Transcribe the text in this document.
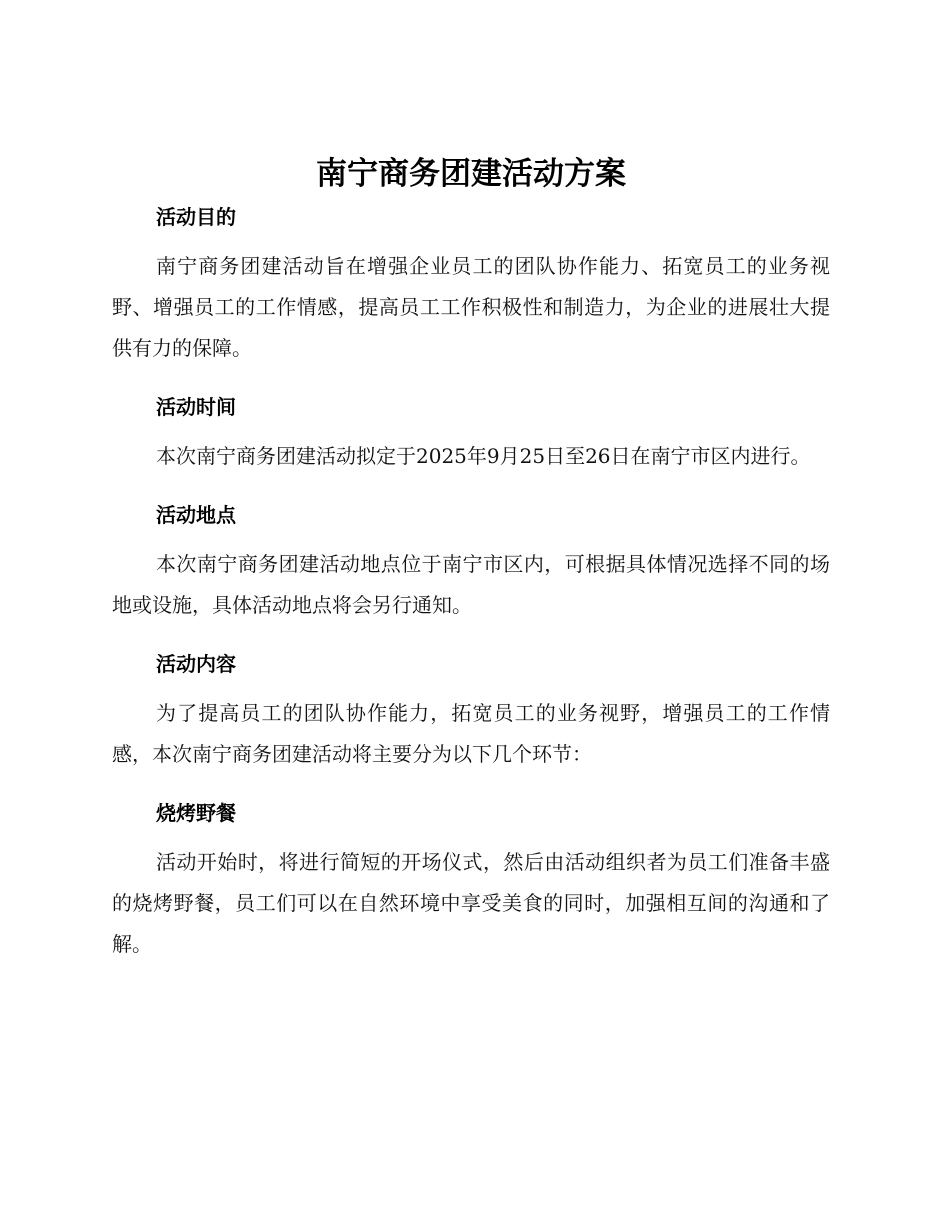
南宁商务团建活动方案
活动目的

南宁商务团建活动旨在增强企业员工的团队协作能力、拓宽员工的业务视野、增强员工的工作情感，提高员工工作积极性和制造力，为企业的进展壮大提供有力的保障。

活动时间

本次南宁商务团建活动拟定于2025年9月25日至26日在南宁市区内进行。

活动地点

本次南宁商务团建活动地点位于南宁市区内，可根据具体情况选择不同的场地或设施，具体活动地点将会另行通知。

活动内容

为了提高员工的团队协作能力，拓宽员工的业务视野，增强员工的工作情感，本次南宁商务团建活动将主要分为以下几个环节：

烧烤野餐

活动开始时，将进行简短的开场仪式，然后由活动组织者为员工们准备丰盛的烧烤野餐，员工们可以在自然环境中享受美食的同时，加强相互间的沟通和了解。
